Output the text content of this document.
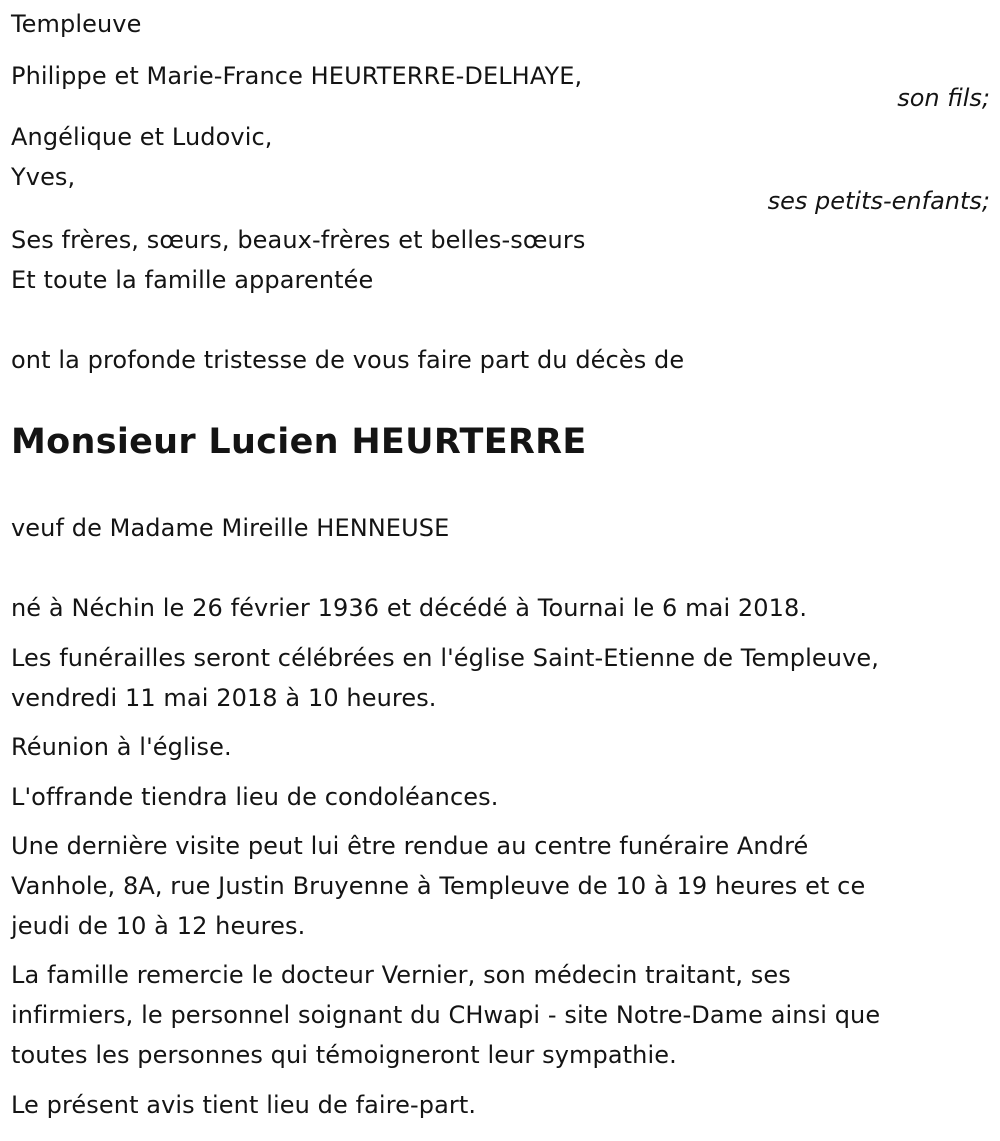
Templeuve
Philippe et Marie-France HEURTERRE-DELHAYE,
son fils;
Angélique et Ludovic,
Yves,
ses petits-enfants;
Ses frères, sœurs, beaux-frères et belles-sœurs
Et toute la famille apparentée
ont la profonde tristesse de vous faire part du décès de
Monsieur Lucien HEURTERRE
veuf de Madame Mireille HENNEUSE
né à Néchin le 26 février 1936 et décédé à Tournai le 6 mai 2018.
Les funérailles seront célébrées en l'église Saint-Etienne de Templeuve,
vendredi 11 mai 2018 à 10 heures.
Réunion à l'église.
L'offrande tiendra lieu de condoléances.
Une dernière visite peut lui être rendue au centre funéraire André
Vanhole, 8A, rue Justin Bruyenne à Templeuve de 10 à 19 heures et ce
jeudi de 10 à 12 heures.
La famille remercie le docteur Vernier, son médecin traitant, ses
infirmiers, le personnel soignant du CHwapi - site Notre-Dame ainsi que
toutes les personnes qui témoigneront leur sympathie.
Le présent avis tient lieu de faire-part.
